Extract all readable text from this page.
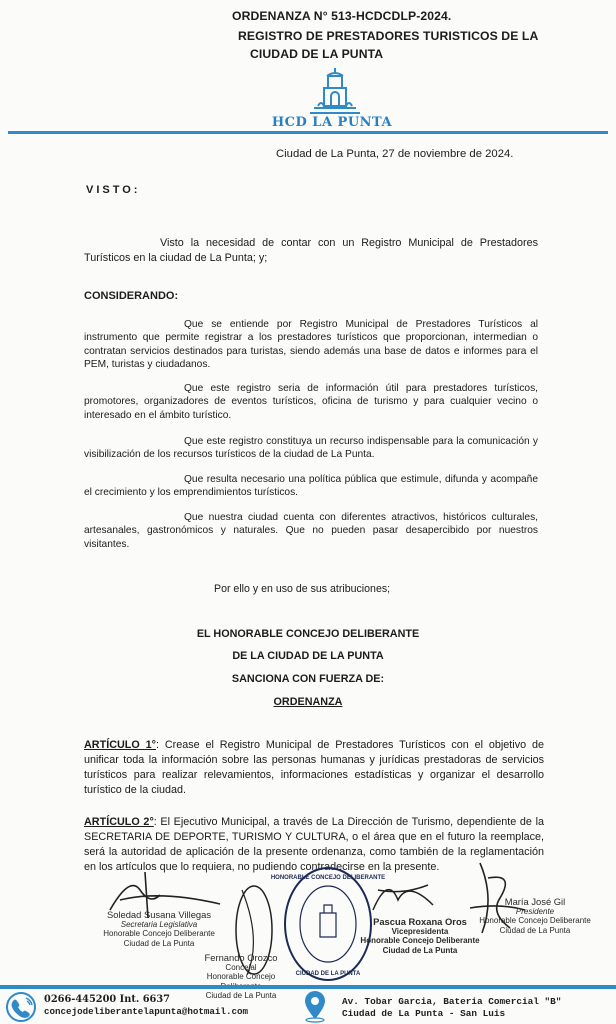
ORDENANZA N° 513-HCDCDLP-2024.
REGISTRO DE PRESTADORES TURISTICOS DE LA
CIUDAD DE LA PUNTA
HCD LA PUNTA
Ciudad de La Punta, 27 de noviembre de 2024.
VISTO:
Visto la necesidad de contar con un Registro Municipal de Prestadores Turísticos en la ciudad de La Punta; y;
CONSIDERANDO:
Que se entiende por Registro Municipal de Prestadores Turísticos al instrumento que permite registrar a los prestadores turísticos que proporcionan, intermedian o contratan servicios destinados para turistas, siendo además una base de datos e informes para el PEM, turistas y ciudadanos.
Que este registro seria de información útil para prestadores turísticos, promotores, organizadores de eventos turísticos, oficina de turismo y para cualquier vecino o interesado en el ámbito turístico.
Que este registro constituya un recurso indispensable para la comunicación y visibilización de los recursos turísticos de la ciudad de La Punta.
Que resulta necesario una política pública que estimule, difunda y acompañe el crecimiento y los emprendimientos turísticos.
Que nuestra ciudad cuenta con diferentes atractivos, históricos culturales, artesanales, gastronómicos y naturales. Que no pueden pasar desapercibido por nuestros visitantes.
Por ello y en uso de sus atribuciones;
EL HONORABLE CONCEJO DELIBERANTE
DE LA CIUDAD DE LA PUNTA
SANCIONA CON FUERZA DE:
ORDENANZA
ARTÍCULO 1°: Crease el Registro Municipal de Prestadores Turísticos con el objetivo de unificar toda la información sobre las personas humanas y jurídicas prestadoras de servicios turísticos para realizar relevamientos, informaciones estadísticas y organizar el desarrollo turístico de la ciudad.
ARTÍCULO 2°: El Ejecutivo Municipal, a través de La Dirección de Turismo, dependiente de la SECRETARIA DE DEPORTE, TURISMO Y CULTURA, o el área que en el futuro la reemplace, será la autoridad de aplicación de la presente ordenanza, como también de la reglamentación en los artículos que lo requiera, no pudiendo contradecirse en la presente.
Soledad Susana Villegas
Secretaria Legislativa
Honorable Concejo Deliberante
Ciudad de La Punta
Fernando Orozco
Concejal
Honorable Concejo
Ciudad de La Punta
HONORABLE CONCEJO DELIBERANTE
CIUDAD DE LA PUNTA
Pascua Roxana Oros
Vicepresidenta
Honorable Concejo Deliberante
Ciudad de La Punta
María José Gil
Presidente
Honorable Concejo Deliberante
Ciudad de La Punta
0266-445200 Int. 6637
concejodeliberantelapunta@hotmail.com
Av. Tobar Garcia, Bateria Comercial "B"
Ciudad de La Punta - San Luis
